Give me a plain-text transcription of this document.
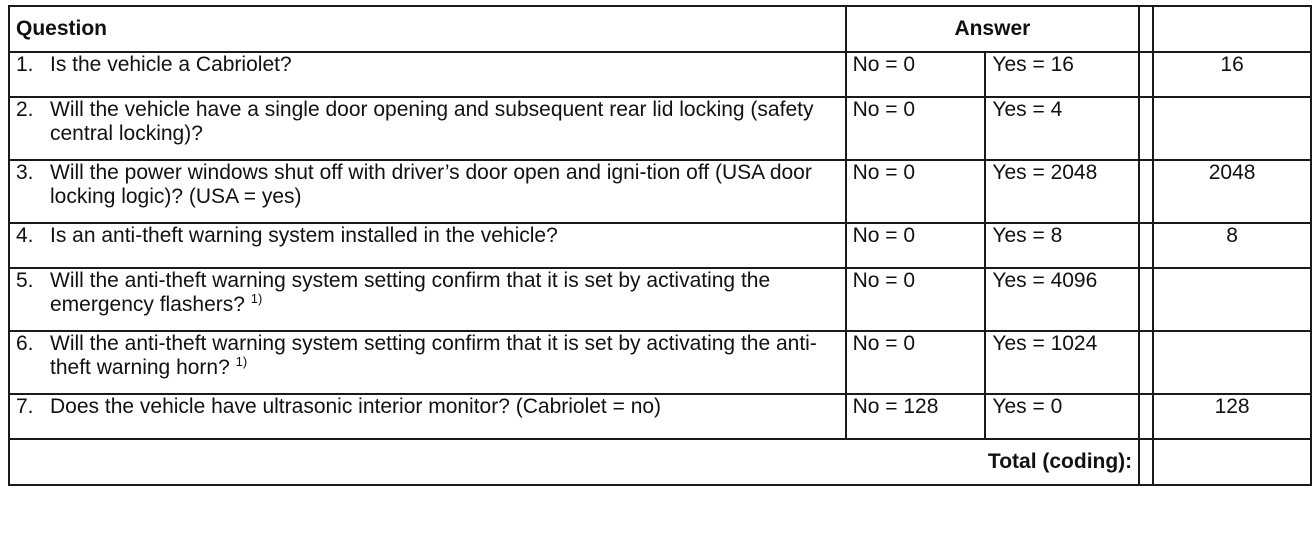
Question	Answer			

1. Is the vehicle a Cabriolet?	No = 0	Yes = 16		16

2. Will the vehicle have a single door opening and subsequent rear lid locking (safety central locking)?	No = 0	Yes = 4		

3. Will the power windows shut off with driver’s door open and igni-tion off (USA door locking logic)? (USA = yes)	No = 0	Yes = 2048		2048

4. Is an anti-theft warning system installed in the vehicle?	No = 0	Yes = 8		8

5. Will the anti-theft warning system setting confirm that it is set by activating the emergency flashers? $^{1)}$	No = 0	Yes = 4096		

6. Will the anti-theft warning system setting confirm that it is set by activating the anti-theft warning horn? $^{1)}$	No = 0	Yes = 1024		

7. Does the vehicle have ultrasonic interior monitor? (Cabriolet = no)	No = 128	Yes = 0		128
Total (coding):				
